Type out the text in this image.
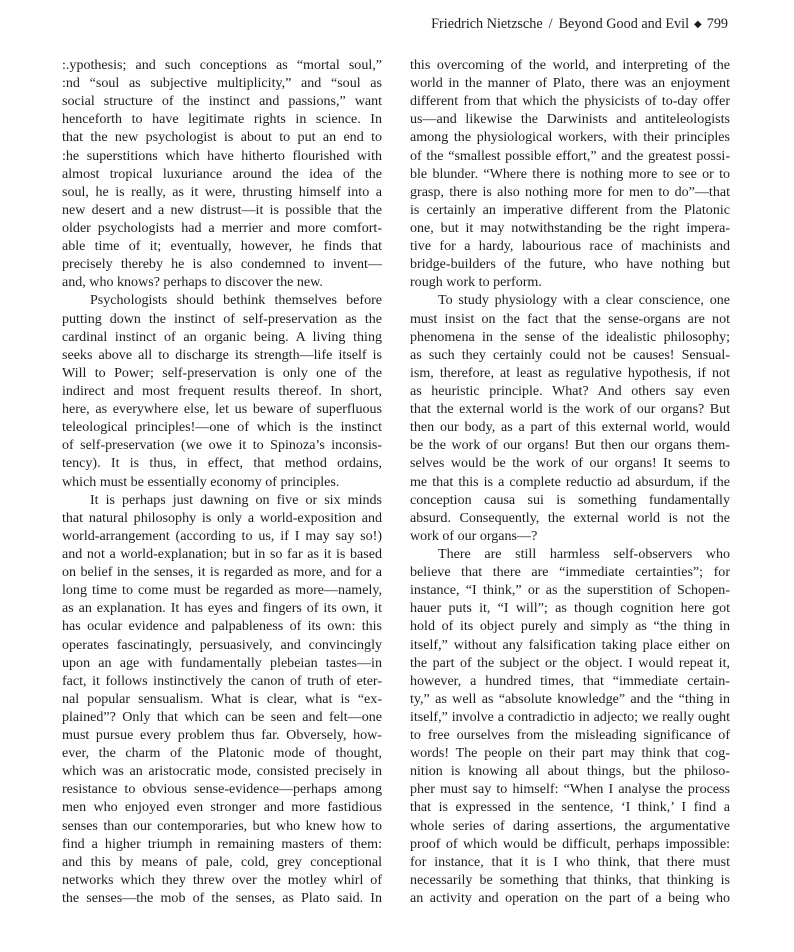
Friedrich Nietzsche / Beyond Good and Evil ◆ 799
:.ypothesis; and such conceptions as “mortal soul,”
:nd “soul as subjective multiplicity,” and “soul as
social structure of the instinct and passions,” want
henceforth to have legitimate rights in science. In
that the new psychologist is about to put an end to
:he superstitions which have hitherto flourished with
almost tropical luxuriance around the idea of the
soul, he is really, as it were, thrusting himself into a
new desert and a new distrust—it is possible that the
older psychologists had a merrier and more comfort-
able time of it; eventually, however, he finds that
precisely thereby he is also condemned to invent—
and, who knows? perhaps to discover the new.
Psychologists should bethink themselves before
putting down the instinct of self-preservation as the
cardinal instinct of an organic being. A living thing
seeks above all to discharge its strength—life itself is
Will to Power; self-preservation is only one of the
indirect and most frequent results thereof. In short,
here, as everywhere else, let us beware of superfluous
teleological principles!—one of which is the instinct
of self-preservation (we owe it to Spinoza’s inconsis-
tency). It is thus, in effect, that method ordains,
which must be essentially economy of principles.
It is perhaps just dawning on five or six minds
that natural philosophy is only a world-exposition and
world-arrangement (according to us, if I may say so!)
and not a world-explanation; but in so far as it is based
on belief in the senses, it is regarded as more, and for a
long time to come must be regarded as more—namely,
as an explanation. It has eyes and fingers of its own, it
has ocular evidence and palpableness of its own: this
operates fascinatingly, persuasively, and convincingly
upon an age with fundamentally plebeian tastes—in
fact, it follows instinctively the canon of truth of eter-
nal popular sensualism. What is clear, what is “ex-
plained”? Only that which can be seen and felt—one
must pursue every problem thus far. Obversely, how-
ever, the charm of the Platonic mode of thought,
which was an aristocratic mode, consisted precisely in
resistance to obvious sense-evidence—perhaps among
men who enjoyed even stronger and more fastidious
senses than our contemporaries, but who knew how to
find a higher triumph in remaining masters of them:
and this by means of pale, cold, grey conceptional
networks which they threw over the motley whirl of
the senses—the mob of the senses, as Plato said. In
this overcoming of the world, and interpreting of the
world in the manner of Plato, there was an enjoyment
different from that which the physicists of to-day offer
us—and likewise the Darwinists and antiteleologists
among the physiological workers, with their principles
of the “smallest possible effort,” and the greatest possi-
ble blunder. “Where there is nothing more to see or to
grasp, there is also nothing more for men to do”—that
is certainly an imperative different from the Platonic
one, but it may notwithstanding be the right impera-
tive for a hardy, labourious race of machinists and
bridge-builders of the future, who have nothing but
rough work to perform.
To study physiology with a clear conscience, one
must insist on the fact that the sense-organs are not
phenomena in the sense of the idealistic philosophy;
as such they certainly could not be causes! Sensual-
ism, therefore, at least as regulative hypothesis, if not
as heuristic principle. What? And others say even
that the external world is the work of our organs? But
then our body, as a part of this external world, would
be the work of our organs! But then our organs them-
selves would be the work of our organs! It seems to
me that this is a complete reductio ad absurdum, if the
conception causa sui is something fundamentally
absurd. Consequently, the external world is not the
work of our organs—?
There are still harmless self-observers who
believe that there are “immediate certainties”; for
instance, “I think,” or as the superstition of Schopen-
hauer puts it, “I will”; as though cognition here got
hold of its object purely and simply as “the thing in
itself,” without any falsification taking place either on
the part of the subject or the object. I would repeat it,
however, a hundred times, that “immediate certain-
ty,” as well as “absolute knowledge” and the “thing in
itself,” involve a contradictio in adjecto; we really ought
to free ourselves from the misleading significance of
words! The people on their part may think that cog-
nition is knowing all about things, but the philoso-
pher must say to himself: “When I analyse the process
that is expressed in the sentence, ‘I think,’ I find a
whole series of daring assertions, the argumentative
proof of which would be difficult, perhaps impossible:
for instance, that it is I who think, that there must
necessarily be something that thinks, that thinking is
an activity and operation on the part of a being who
